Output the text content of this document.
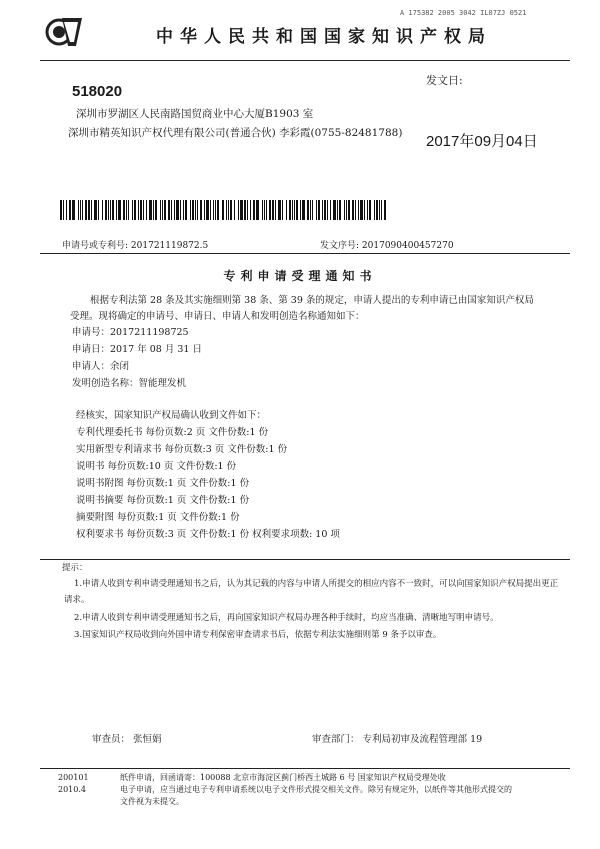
A 175382 2005 3042 IL07ZJ 0521
中华人民共和国国家知识产权局
518020
深圳市罗湖区人民南路国贸商业中心大厦B1903 室
深圳市精英知识产权代理有限公司(普通合伙) 李彩霞(0755-82481788)
发文日:
2017年09月04日
申请号或专利号: 201721119872.5	发文序号: 2017090400457270
专利申请受理通知书
根据专利法第 28 条及其实施细则第 38 条、第 39 条的规定，申请人提出的专利申请已由国家知识产权局
受理。现将确定的申请号、申请日、申请人和发明创造名称通知如下：
申请号：2017211198725
申请日：2017 年 08 月 31 日
申请人：余闭
发明创造名称：智能理发机
经核实，国家知识产权局确认收到文件如下：
专利代理委托书 每份页数:2 页 文件份数:1 份
实用新型专利请求书 每份页数:3 页 文件份数:1 份
说明书 每份页数:10 页 文件份数:1 份
说明书附图 每份页数:1 页 文件份数:1 份
说明书摘要 每份页数:1 页 文件份数:1 份
摘要附图 每份页数:1 页 文件份数:1 份
权利要求书 每份页数:3 页 文件份数:1 份 权利要求项数: 10 项
提示：
1.申请人收到专利申请受理通知书之后，认为其记载的内容与申请人所提交的相应内容不一致时，可以向国家知识产权局提出更正
请求。
2.申请人收到专利申请受理通知书之后，再向国家知识产权局办理各种手续时，均应当准确、清晰地写明申请号。
3.国家知识产权局收到向外国申请专利保密审查请求书后，依据专利法实施细则第 9 条予以审查。
审查员： 张恒娟	审查部门： 专利局初审及流程管理部 19
200101
2010.4
纸件申请，回函请寄：100088 北京市海淀区蓟门桥西土城路 6 号 国家知识产权局受理处收
电子申请，应当通过电子专利申请系统以电子文件形式提交相关文件。除另有规定外，以纸件等其他形式提交的
文件视为未提交。
